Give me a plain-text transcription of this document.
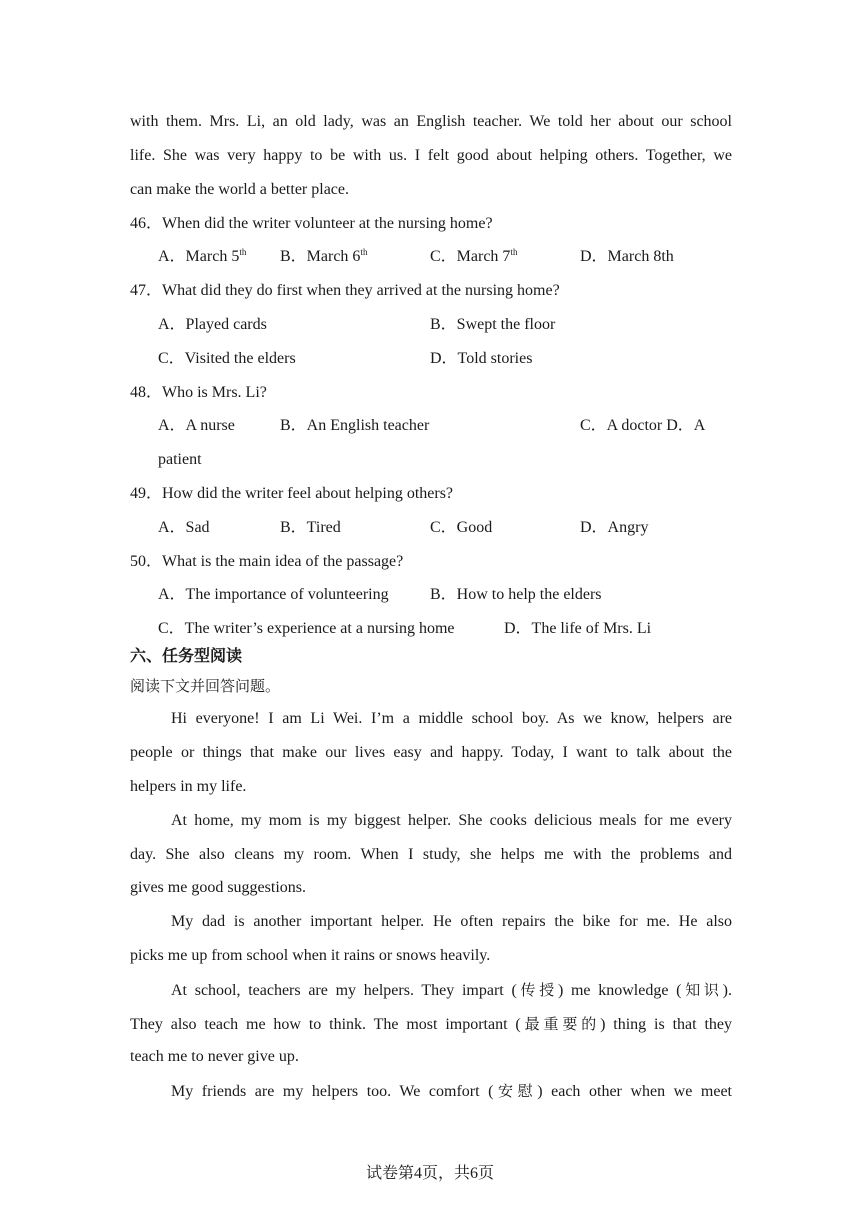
with them. Mrs. Li, an old lady, was an English teacher. We told her about our school
life. She was very happy to be with us. I felt good about helping others. Together, we
can make the world a better place.
46．When did the writer volunteer at the nursing home?
A．March 5th B．March 6th	C．March 7th	D．March 8th
47．What did they do first when they arrived at the nursing home?
A．Played cards	B．Swept the floor
C．Visited the elders	D．Told stories
48．Who is Mrs. Li?
A．A nurse	B．An English teacher	C．A doctor D．A
patient
49．How did the writer feel about helping others?
A．Sad	B．Tired	C．Good	D．Angry
50．What is the main idea of the passage?
A．The importance of volunteering	B．How to help the elders
C．The writer’s experience at a nursing home	D．The life of Mrs. Li
六、任务型阅读
阅读下文并回答问题。
Hi everyone! I am Li Wei. I’m a middle school boy. As we know, helpers are
people or things that make our lives easy and happy. Today, I want to talk about the
helpers in my life.
At home, my mom is my biggest helper. She cooks delicious meals for me every
day. She also cleans my room. When I study, she helps me with the problems and
gives me good suggestions.
My dad is another important helper. He often repairs the bike for me. He also
picks me up from school when it rains or snows heavily.
At school, teachers are my helpers. They impart (传授) me knowledge (知识).
They also teach me how to think. The most important (最重要的) thing is that they
teach me to never give up.
My friends are my helpers too. We comfort (安慰) each other when we meet
试卷第4页，共6页
